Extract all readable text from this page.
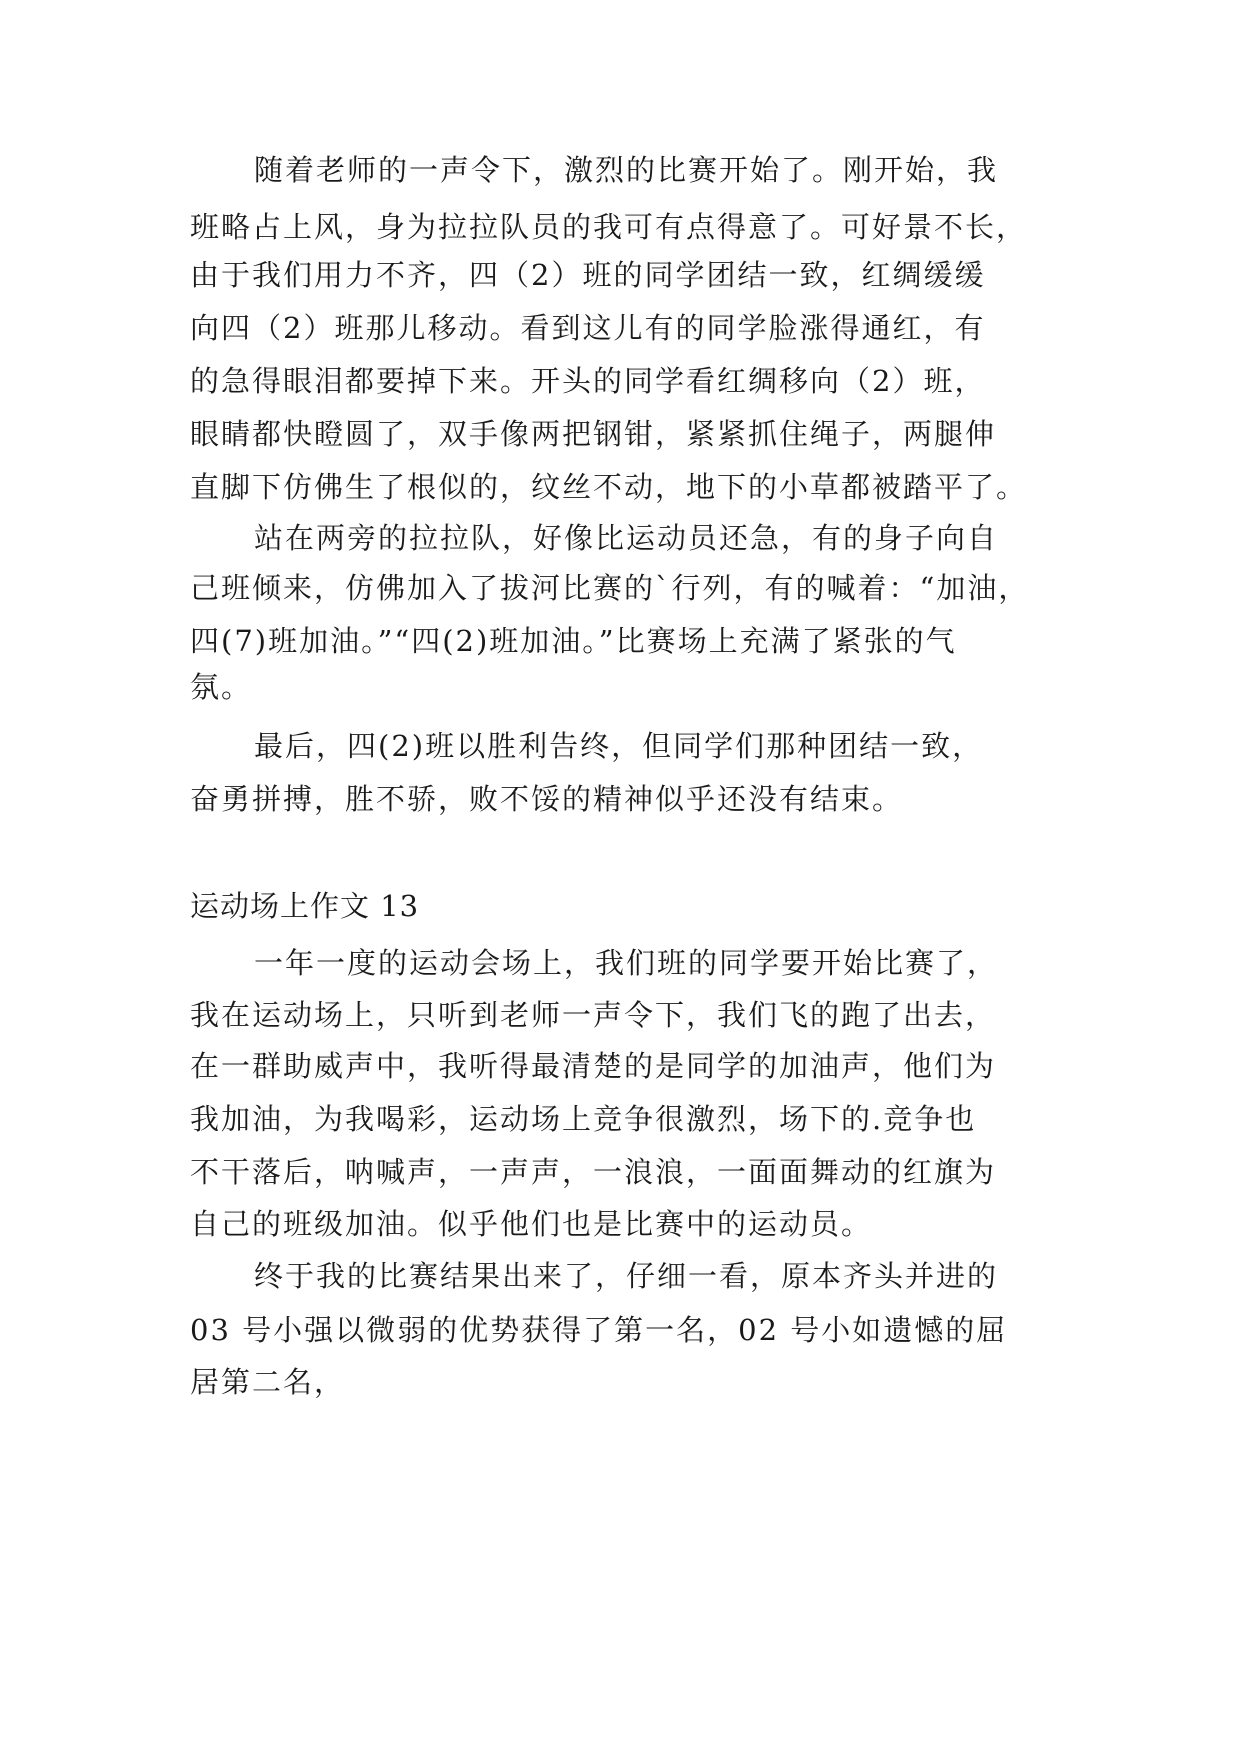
随着老师的一声令下，激烈的比赛开始了。刚开始，我
班略占上风，身为拉拉队员的我可有点得意了。可好景不长，
由于我们用力不齐，四（2）班的同学团结一致，红绸缓缓
向四（2）班那儿移动。看到这儿有的同学脸涨得通红，有
的急得眼泪都要掉下来。开头的同学看红绸移向（2）班，
眼睛都快瞪圆了，双手像两把钢钳，紧紧抓住绳子，两腿伸
直脚下仿佛生了根似的，纹丝不动，地下的小草都被踏平了。
站在两旁的拉拉队，好像比运动员还急，有的身子向自
己班倾来，仿佛加入了拔河比赛的`行列，有的喊着：“加油，
四(7)班加油。”“四(2)班加油。”比赛场上充满了紧张的气
氛。
最后，四(2)班以胜利告终，但同学们那种团结一致，
奋勇拼搏，胜不骄，败不馁的精神似乎还没有结束。
运动场上作文 13
一年一度的运动会场上，我们班的同学要开始比赛了，
我在运动场上，只听到老师一声令下，我们飞的跑了出去，
在一群助威声中，我听得最清楚的是同学的加油声，他们为
我加油，为我喝彩，运动场上竞争很激烈，场下的.竞争也
不干落后，呐喊声，一声声，一浪浪，一面面舞动的红旗为
自己的班级加油。似乎他们也是比赛中的运动员。
终于我的比赛结果出来了，仔细一看，原本齐头并进的
03 号小强以微弱的优势获得了第一名，02 号小如遗憾的屈
居第二名，
